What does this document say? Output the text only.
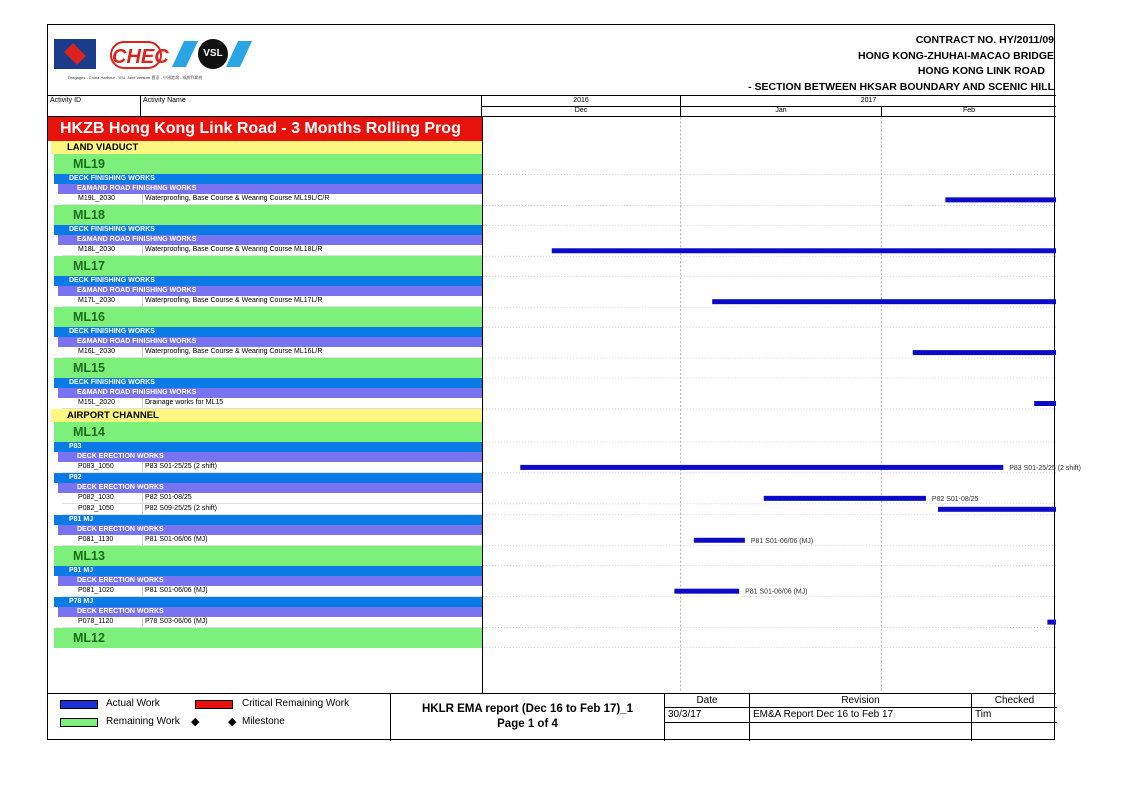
CHEC	VSL
Dragages - China Harbour - VSL Joint Venture 寶嘉 - 中國港灣 - 威勝利聯營
CONTRACT NO. HY/2011/09
HONG KONG-ZHUHAI-MACAO BRIDGE
HONG KONG LINK ROAD
- SECTION BETWEEN HKSAR BOUNDARY AND SCENIC HILL
Activity ID	Activity Name	2016	2017
Dec	Jan	Feb
HKZB Hong Kong Link Road - 3 Months Rolling Prog
LAND VIADUCT
ML19
DECK FINISHING WORKS
E&MAND ROAD FINISHING WORKS
M19L_2030	Waterproofing, Base Course & Wearing Course ML19L/C/R
ML18
DECK FINISHING WORKS
E&MAND ROAD FINISHING WORKS
M18L_2030	Waterproofing, Base Course & Wearing Course ML18L/R
ML17
DECK FINISHING WORKS
E&MAND ROAD FINISHING WORKS
M17L_2030	Waterproofing, Base Course & Wearing Course ML17L/R
ML16
DECK FINISHING WORKS
E&MAND ROAD FINISHING WORKS
M16L_2030	Waterproofing, Base Course & Wearing Course ML16L/R
ML15
DECK FINISHING WORKS
E&MAND ROAD FINISHING WORKS
M15L_2020	Drainage works for ML15
AIRPORT CHANNEL
ML14
P83
DECK ERECTION WORKS
P083_1050	P83 S01-25/25 (2 shift)
P82
DECK ERECTION WORKS
P082_1030	P82 S01-08/25
P082_1050	P82 S09-25/25 (2 shift)
P81 MJ
DECK ERECTION WORKS
P081_1130	P81 S01-06/06 (MJ)
ML13
P81 MJ
DECK ERECTION WORKS
P081_1020	P81 S01-06/06 (MJ)
P78 MJ
DECK ERECTION WORKS
P078_1120	P78 S03-06/06 (MJ)
ML12
P83 S01-25/25 (2 shift)
P82 S01-08/25
P81 S01-06/06 (MJ)
P81 S01-06/06 (MJ)
Actual Work	Critical Remaining Work
Remaining Work ◆	◆ Milestone
HKLR EMA report (Dec 16 to Feb 17)_1
Page 1 of 4
Date	Revision	Checked
30/3/17	EM&A Report Dec 16 to Feb 17	Tim
